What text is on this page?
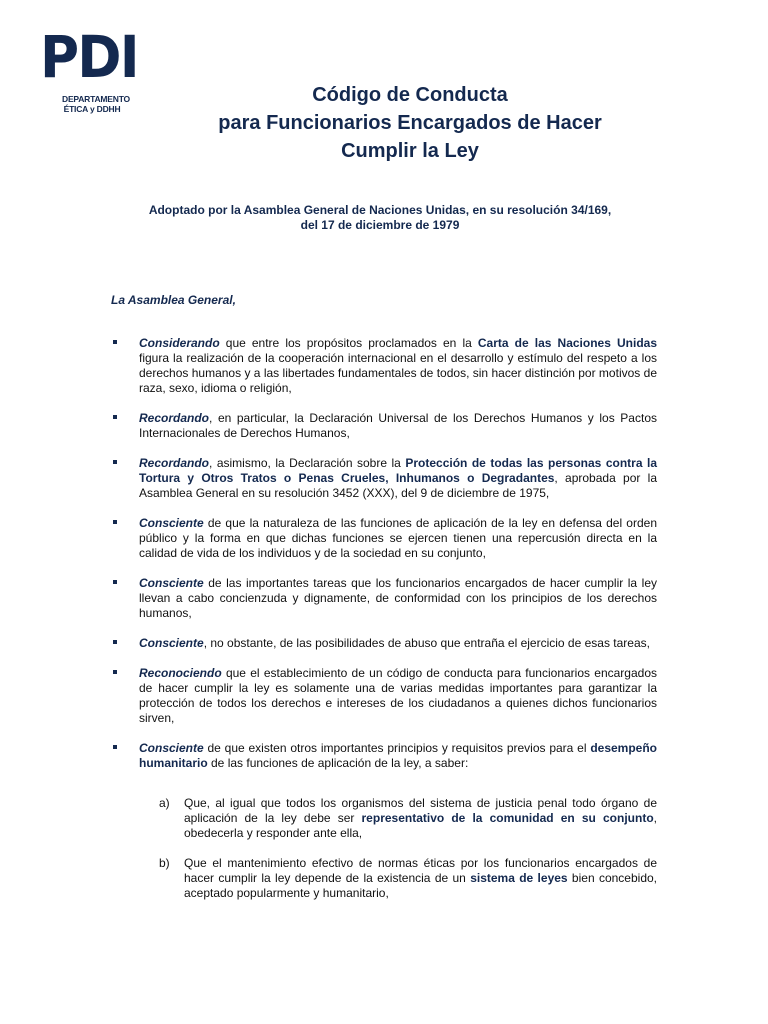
PDI
DEPARTAMENTO
ÉTICA y DDHH
Código de Conducta
para Funcionarios Encargados de Hacer
Cumplir la Ley
Adoptado por la Asamblea General de Naciones Unidas, en su resolución 34/169,
del 17 de diciembre de 1979
La Asamblea General,
Considerando que entre los propósitos proclamados en la Carta de las Naciones Unidas figura la realización de la cooperación internacional en el desarrollo y estímulo del respeto a los derechos humanos y a las libertades fundamentales de todos, sin hacer distinción por motivos de raza, sexo, idioma o religión,
Recordando, en particular, la Declaración Universal de los Derechos Humanos y los Pactos Internacionales de Derechos Humanos,
Recordando, asimismo, la Declaración sobre la Protección de todas las personas contra la Tortura y Otros Tratos o Penas Crueles, Inhumanos o Degradantes, aprobada por la Asamblea General en su resolución 3452 (XXX), del 9 de diciembre de 1975,
Consciente de que la naturaleza de las funciones de aplicación de la ley en defensa del orden público y la forma en que dichas funciones se ejercen tienen una repercusión directa en la calidad de vida de los individuos y de la sociedad en su conjunto,
Consciente de las importantes tareas que los funcionarios encargados de hacer cumplir la ley llevan a cabo concienzuda y dignamente, de conformidad con los principios de los derechos humanos,
Consciente, no obstante, de las posibilidades de abuso que entraña el ejercicio de esas tareas,
Reconociendo que el establecimiento de un código de conducta para funcionarios encargados de hacer cumplir la ley es solamente una de varias medidas importantes para garantizar la protección de todos los derechos e intereses de los ciudadanos a quienes dichos funcionarios sirven,
Consciente de que existen otros importantes principios y requisitos previos para el desempeño humanitario de las funciones de aplicación de la ley, a saber:
a)	Que, al igual que todos los organismos del sistema de justicia penal todo órgano de aplicación de la ley debe ser representativo de la comunidad en su conjunto, obedecerla y responder ante ella,
b)	Que el mantenimiento efectivo de normas éticas por los funcionarios encargados de hacer cumplir la ley depende de la existencia de un sistema de leyes bien concebido, aceptado popularmente y humanitario,
